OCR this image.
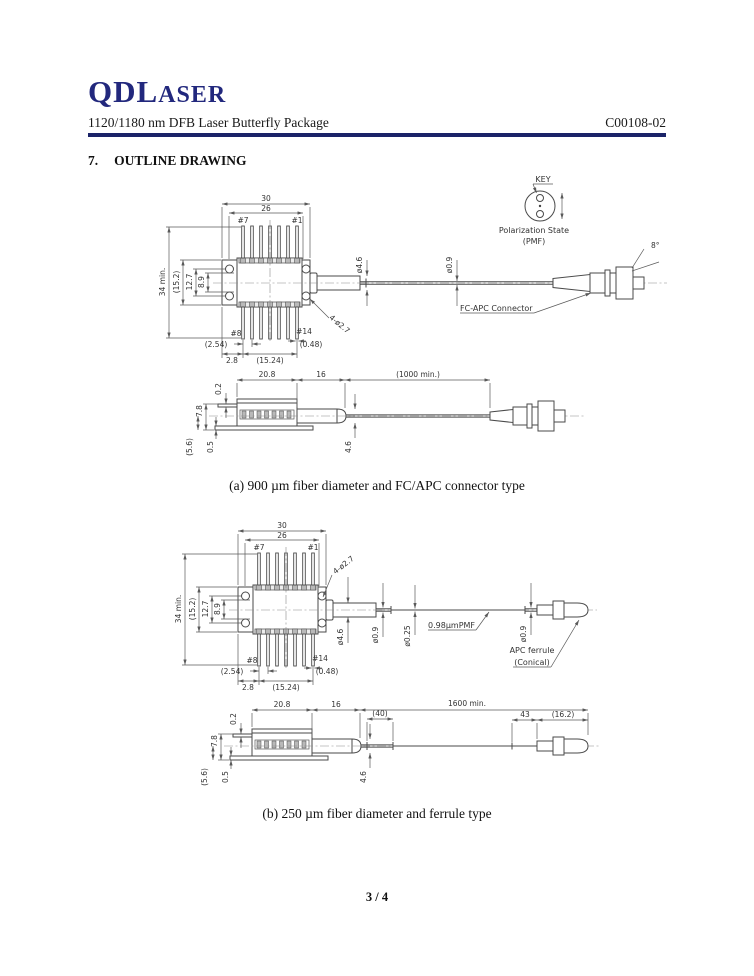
QDLASER
1120/1180 nm DFB Laser Butterfly Package	C00108-02
7. OUTLINE DRAWING
30
26
#7	#1
34 min. (15.2) 12.7 8.9
#8	#14
(2.54)
2.8 (15.24)
(0.48)
4-ø2.7
ø4.6	ø0.9
8°
FC-APC Connector
KEY
Polarization State
(PMF)
20.8	16	(1000 min.)
0.2
7.8
(5.6) 0.5	4.6
(a) 900 µm fiber diameter and FC/APC connector type
30
26
#7	#1
34 min. (15.2) 12.7 8.9
#8	#14
(2.54)
2.8 (15.24)
(0.48)
4-ø2.7
ø4.6	ø0.9	ø0.25 0.98µmPMF
ø0.9
APC ferrule
(Conical)
20.8	16
(40)
1600 min.
43	(16.2)
0.2
7.8
(5.6) 0.5	4.6
(b) 250 µm fiber diameter and ferrule type
3 / 4
